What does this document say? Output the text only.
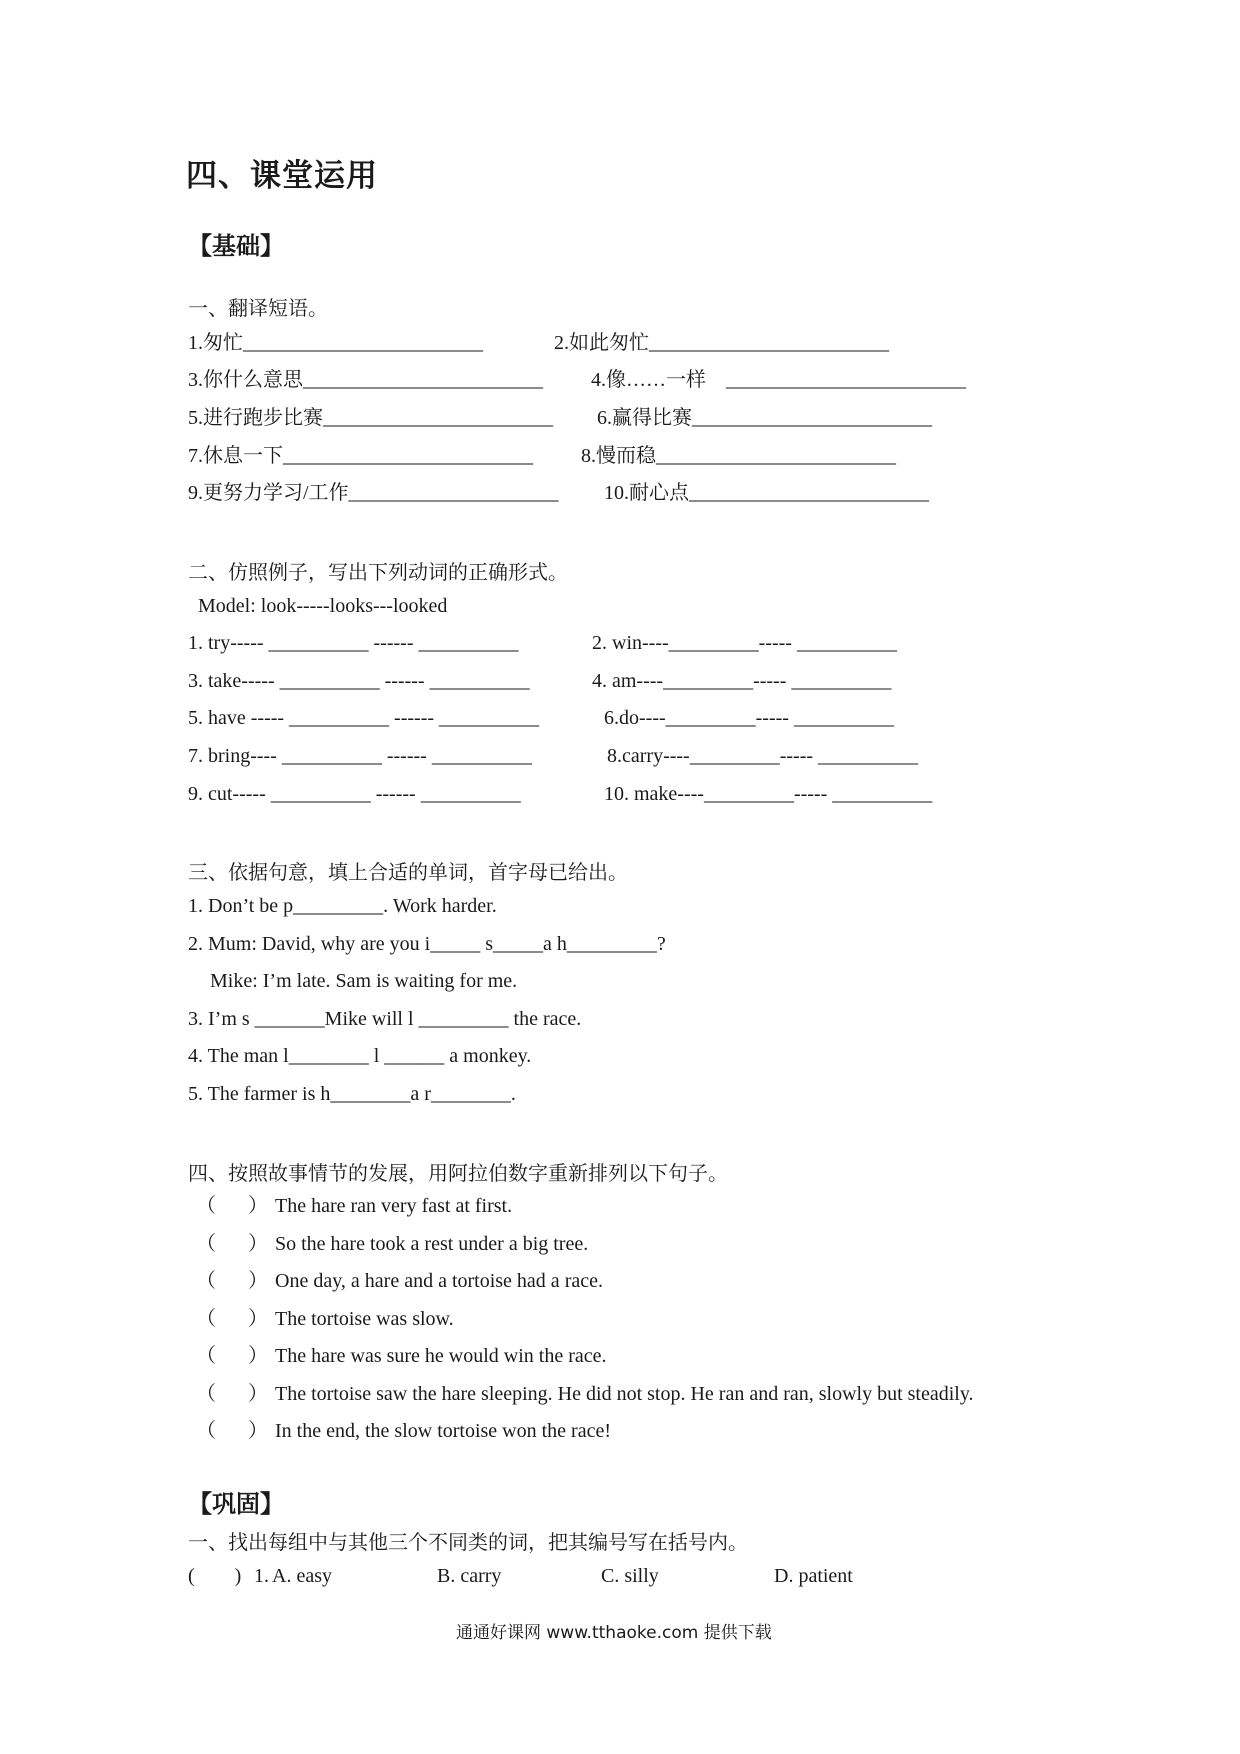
四、课堂运用
【基础】
一、翻译短语。
1.匆忙________________________	2.如此匆忙________________________
3.你什么意思________________________ 4.像……一样　________________________
5.进行跑步比赛_______________________ 6.赢得比赛________________________
7.休息一下_________________________ 8.慢而稳________________________
9.更努力学习/工作_____________________ 10.耐心点________________________
二、仿照例子，写出下列动词的正确形式。
Model: look-----looks---looked
1. try----- __________ ------ __________	2. win----_________----- __________
3. take----- __________ ------ __________	4. am----_________----- __________
5. have ----- __________ ------ __________	6.do----_________----- __________
7. bring---- __________ ------ __________	8.carry----_________----- __________
9. cut----- __________ ------ __________	10. make----_________----- __________
三、依据句意，填上合适的单词，首字母已给出。
1. Don’t be p_________. Work harder.
2. Mum: David, why are you i_____ s_____a h_________?
Mike: I’m late. Sam is waiting for me.
3. I’m s _______Mike will l _________ the race.
4. The man l________ l ______ a monkey.
5. The farmer is h________a r________.
四、按照故事情节的发展，用阿拉伯数字重新排列以下句子。
（ ） The hare ran very fast at first.
（ ） So the hare took a rest under a big tree.
（ ） One day, a hare and a tortoise had a race.
（ ） The tortoise was slow.
（ ） The hare was sure he would win the race.
（ ） The tortoise saw the hare sleeping. He did not stop. He ran and ran, slowly but steadily.
（ ） In the end, the slow tortoise won the race!
【巩固】
一、找出每组中与其他三个不同类的词，把其编号写在括号内。
(　　) 1. A. easy	B. carry	C. silly	D. patient
通通好课网 www.tthaoke.com 提供下载
